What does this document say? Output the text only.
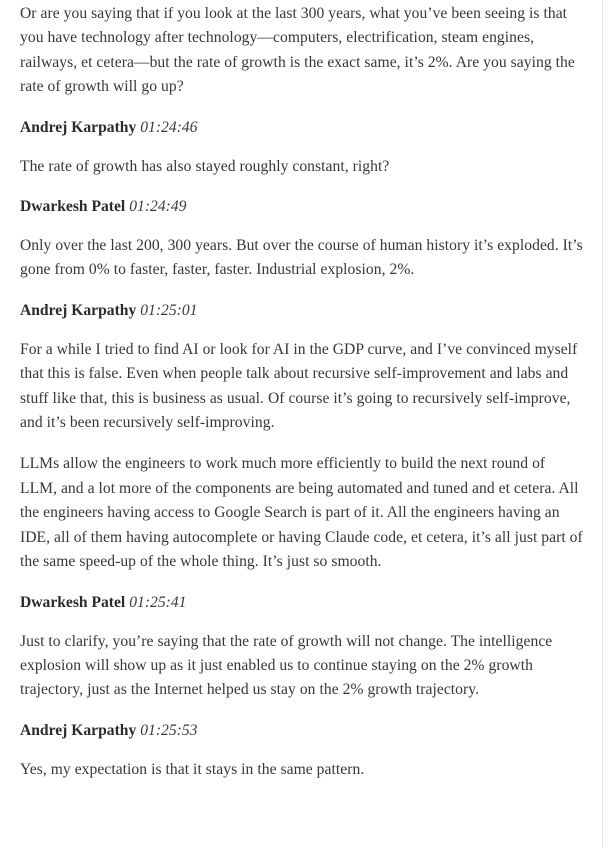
Or are you saying that if you look at the last 300 years, what you’ve been seeing is that you have technology after technology—computers, electrification, steam engines, railways, et cetera—but the rate of growth is the exact same, it’s 2%. Are you saying the rate of growth will go up?

Andrej Karpathy 01:24:46

The rate of growth has also stayed roughly constant, right?

Dwarkesh Patel 01:24:49

Only over the last 200, 300 years. But over the course of human history it’s exploded. It’s gone from 0% to faster, faster, faster. Industrial explosion, 2%.

Andrej Karpathy 01:25:01

For a while I tried to find AI or look for AI in the GDP curve, and I’ve convinced myself that this is false. Even when people talk about recursive self-improvement and labs and stuff like that, this is business as usual. Of course it’s going to recursively self-improve, and it’s been recursively self-improving.

LLMs allow the engineers to work much more efficiently to build the next round of LLM, and a lot more of the components are being automated and tuned and et cetera. All the engineers having access to Google Search is part of it. All the engineers having an IDE, all of them having autocomplete or having Claude code, et cetera, it’s all just part of the same speed-up of the whole thing. It’s just so smooth.

Dwarkesh Patel 01:25:41

Just to clarify, you’re saying that the rate of growth will not change. The intelligence explosion will show up as it just enabled us to continue staying on the 2% growth trajectory, just as the Internet helped us stay on the 2% growth trajectory.

Andrej Karpathy 01:25:53

Yes, my expectation is that it stays in the same pattern.
